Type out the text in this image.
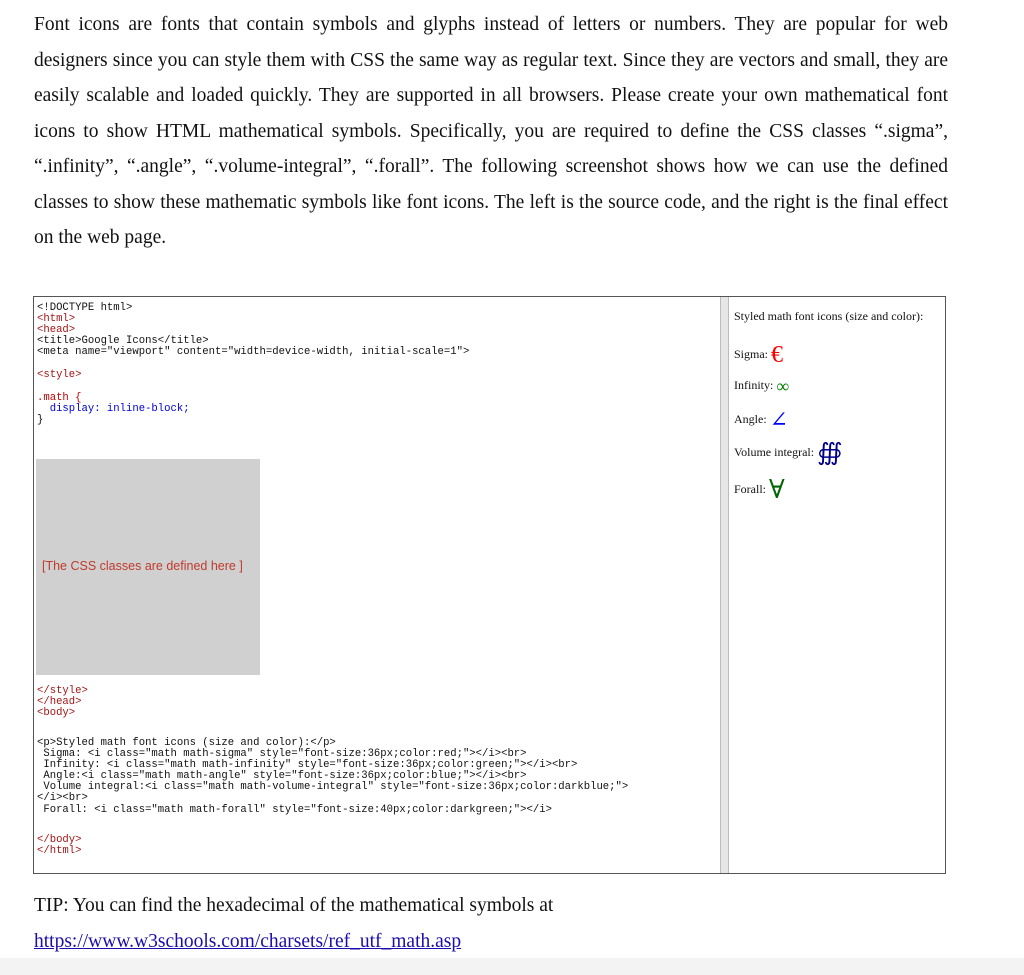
Font icons are fonts that contain symbols and glyphs instead of letters or numbers. They are popular for web designers since you can style them with CSS the same way as regular text. Since they are vectors and small, they are easily scalable and loaded quickly. They are supported in all browsers. Please create your own mathematical font icons to show HTML mathematical symbols. Specifically, you are required to define the CSS classes “.sigma”, “.infinity”, “.angle”, “.volume-integral”, “.forall”. The following screenshot shows how we can use the defined classes to show these mathematic symbols like font icons. The left is the source code, and the right is the final effect on the web page.

<!DOCTYPE html>
<html>
<head>
<title>Google Icons</title>
<meta name="viewport" content="width=device-width, initial-scale=1">
<style>
.math {
display: inline-block;
}
[The CSS classes are defined here ]
</style>
</head>
<body>
<p>Styled math font icons (size and color):</p>
Sigma: <i class="math math-sigma" style="font-size:36px;color:red;"></i><br>
Infinity: <i class="math math-infinity" style="font-size:36px;color:green;"></i><br>
Angle:<i class="math math-angle" style="font-size:36px;color:blue;"></i><br>
Volume integral:<i class="math math-volume-integral" style="font-size:36px;color:darkblue;">
</i><br>
Forall: <i class="math math-forall" style="font-size:40px;color:darkgreen;"></i>
</body>
</html>
Styled math font icons (size and color):
Sigma: €
Infinity: ∞
Angle: ∠
Volume integral: ∰
Forall: ∀

TIP: You can find the hexadecimal of the mathematical symbols at
https://www.w3schools.com/charsets/ref_utf_math.asp
